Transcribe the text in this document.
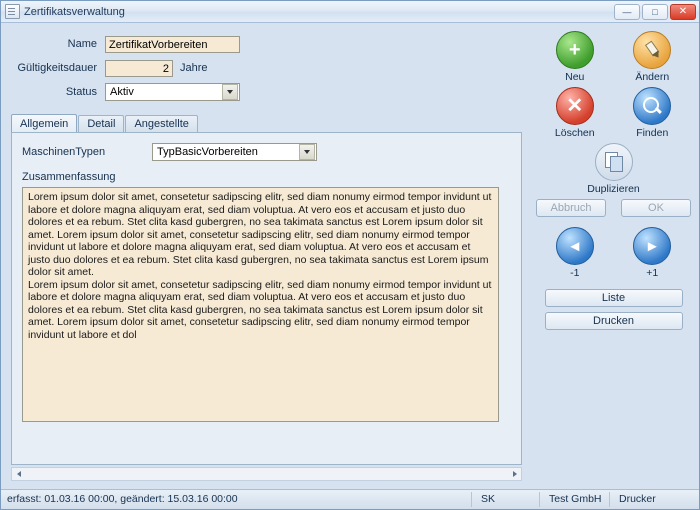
Zertifikatsverwaltung	—	□	✕
Name	ZertifikatVorbereiten
Gültigkeitsdauer	2	Jahre
Status	Aktiv
Allgemein	Detail	Angestellte
MaschinenTypen	TypBasicVorbereiten
Zusammenfassung

Lorem ipsum dolor sit amet, consetetur sadipscing elitr, sed diam nonumy eirmod tempor invidunt ut labore et dolore magna aliquyam erat, sed diam voluptua. At vero eos et accusam et justo duo dolores et ea rebum. Stet clita kasd gubergren, no sea takimata sanctus est Lorem ipsum dolor sit amet. Lorem ipsum dolor sit amet, consetetur sadipscing elitr, sed diam nonumy eirmod tempor invidunt ut labore et dolore magna aliquyam erat, sed diam voluptua. At vero eos et accusam et justo duo dolores et ea rebum. Stet clita kasd gubergren, no sea takimata sanctus est Lorem ipsum dolor sit amet.

Lorem ipsum dolor sit amet, consetetur sadipscing elitr, sed diam nonumy eirmod tempor invidunt ut labore et dolore magna aliquyam erat, sed diam voluptua. At vero eos et accusam et justo duo dolores et ea rebum. Stet clita kasd gubergren, no sea takimata sanctus est Lorem ipsum dolor sit amet. Lorem ipsum dolor sit amet, consetetur sadipscing elitr, sed diam nonumy eirmod tempor invidunt ut labore et dol

+
Neu	Ändern
✕
Löschen	Finden
Duplizieren
Abbruch	OK
◄
-1
►
+1
Liste
Drucken
erfasst: 01.03.16 00:00, geändert: 15.03.16 00:00	SK	Test GmbH Drucker
